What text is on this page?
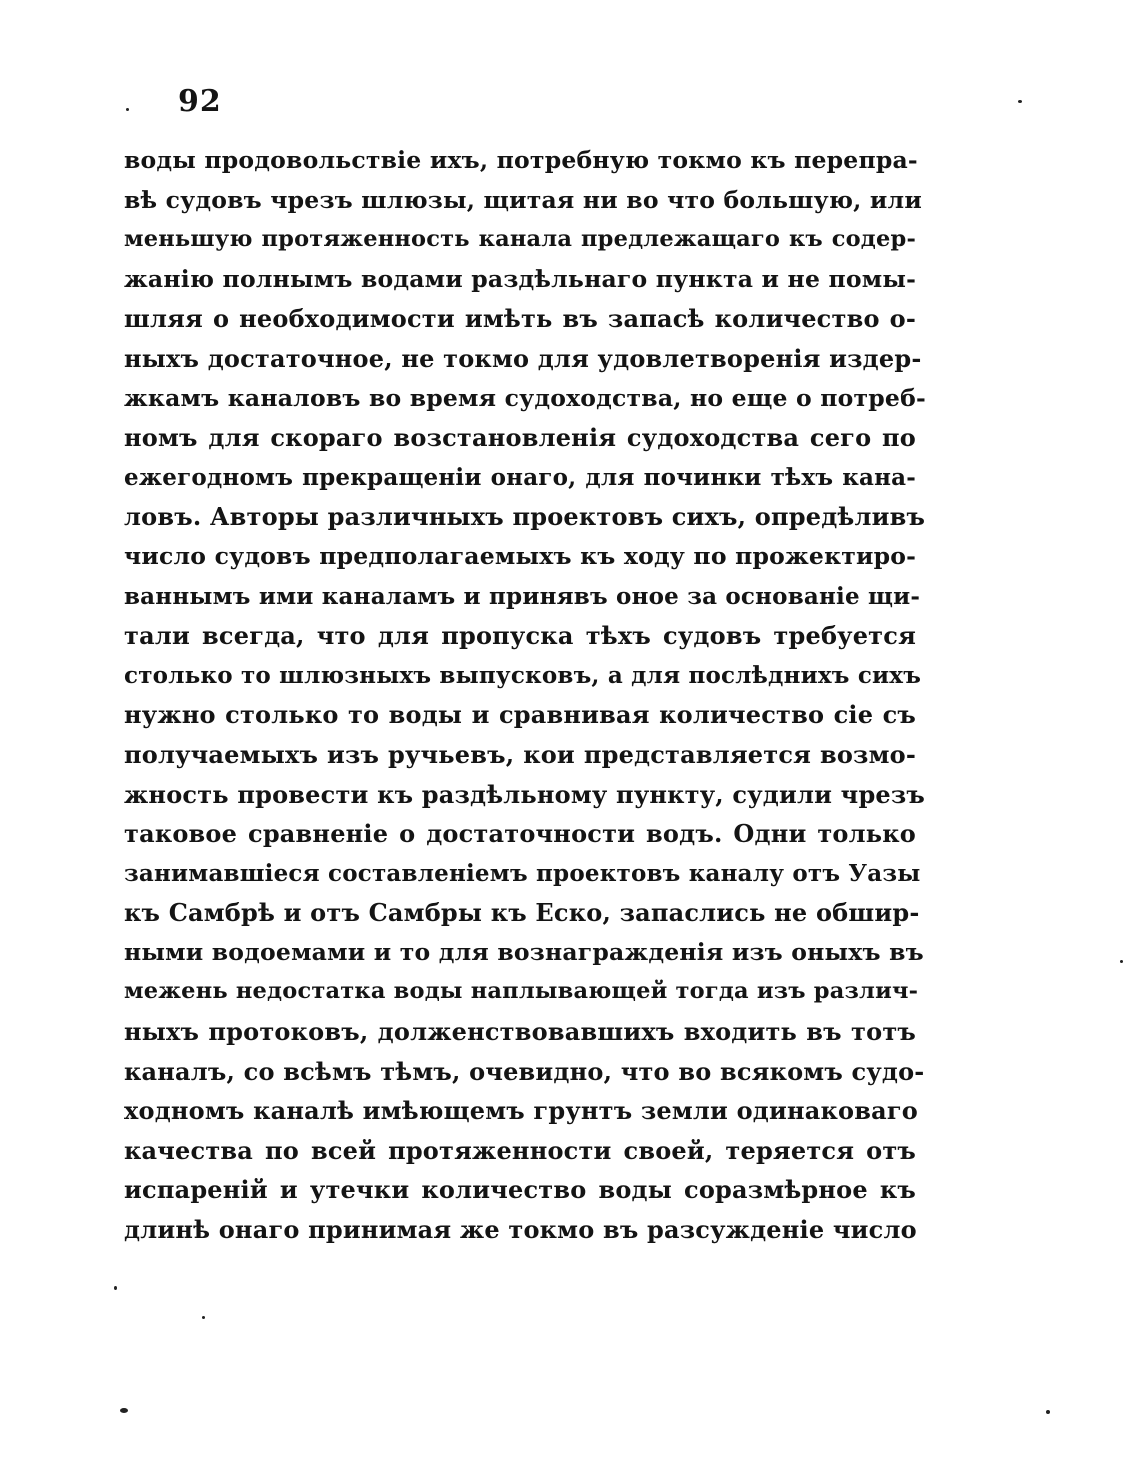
92
воды продовольствіе ихъ, потребную токмо къ перепра-
вѣ судовъ чрезъ шлюзы, щитая ни во что большую, или
меньшую протяженность канала предлежащаго къ содер-
жанію полнымъ водами раздѣльнаго пункта и не помы-
шляя о необходимости имѣть въ запасѣ количество о-
ныхъ достаточное, не токмо для удовлетворенія издер-
жкамъ каналовъ во время судоходства, но еще о потреб-
номъ для скораго возстановленія судоходства сего по
ежегодномъ прекращеніи онаго, для починки тѣхъ кана-
ловъ. Авторы различныхъ проектовъ сихъ, опредѣливъ
число судовъ предполагаемыхъ къ ходу по прожектиро-
ваннымъ ими каналамъ и принявъ оное за основаніе щи-
тали всегда, что для пропуска тѣхъ судовъ требуется
столько то шлюзныхъ выпусковъ, а для послѣднихъ сихъ
нужно столько то воды и сравнивая количество сіе съ
получаемыхъ изъ ручьевъ, кои представляется возмо-
жность провести къ раздѣльному пункту, судили чрезъ
таковое сравненіе о достаточности водъ. Одни только
занимавшіеся составленіемъ проектовъ каналу отъ Уазы
къ Самбрѣ и отъ Самбры къ Еско, запаслись не обшир-
ными водоемами и то для вознагражденія изъ оныхъ въ
межень недостатка воды наплывающей тогда изъ различ-
ныхъ протоковъ, долженствовавшихъ входить въ тотъ
каналъ, со всѣмъ тѣмъ, очевидно, что во всякомъ судо-
ходномъ каналѣ имѣющемъ грунтъ земли одинаковаго
качества по всей протяженности своей, теряется отъ
испареній и утечки количество воды соразмѣрное къ
длинѣ онаго принимая же токмо въ разсужденіе число
